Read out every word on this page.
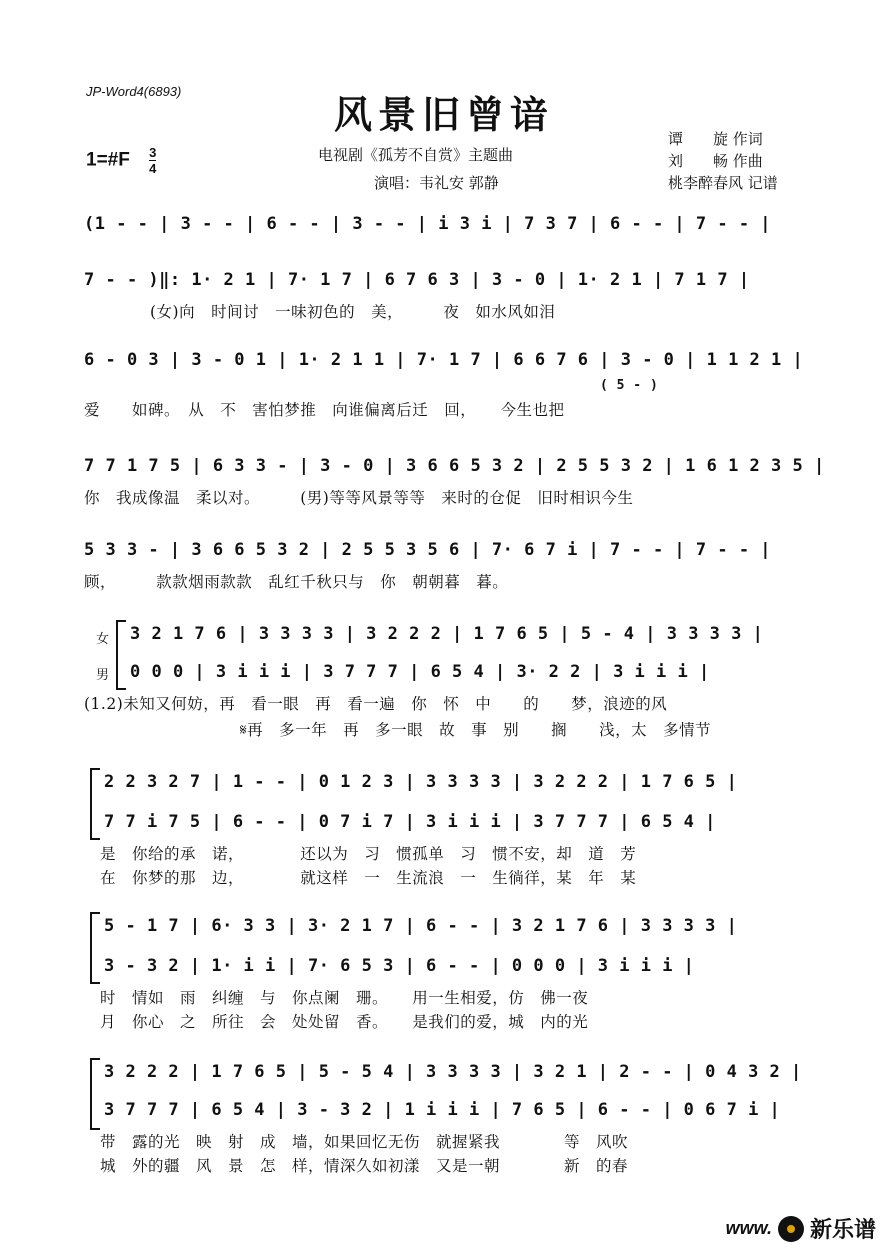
JP-Word4(6893)
风景旧曾谙
电视剧《孤芳不自赏》主题曲
演唱：韦礼安 郭静
谭　　旋 作词
刘　　畅 作曲
桃李醉春风 记谱
1=#F $\frac{3}{4}$
(1 - - | 3 - - | 6 - - | 3 - - | i 3 i | 7 3 7 | 6 - - | 7 - - |
7 - - )‖: 1· 2 1 | 7· 1 7 | 6 7 6 3 | 3 - 0 | 1· 2 1 | 7 1 7 |
(女)向　时间讨　一味初色的　美，　　　夜　如水风如泪
6 - 0 3 | 3 - 0 1 | 1· 2 1 1 | 7· 1 7 | 6 6 7 6 | 3 - 0 | 1 1 2 1 |
( 5 - )
爱　　如碑。　从　不　害怕梦推　向谁偏离后迁　回，　　今生也把
7 7 1 7 5 | 6 3 3 - | 3 - 0 | 3 6 6 5 3 2 | 2 5 5 3 2 | 1 6 1 2 3 5 |
你　我成像温　柔以对。　　　(男)等等风景等等　来时的仓促　旧时相识今生
5 3 3 - | 3 6 6 5 3 2 | 2 5 5 3 5 6 | 7· 6 7 i | 7 - - | 7 - - |
顾，　　　款款烟雨款款　乱红千秋只与　你　朝朝暮　暮。
女
男
3 2 1 7 6 | 3 3 3 3 | 3 2 2 2 | 1 7 6 5 | 5 - 4 | 3 3 3 3 |
0 0 0 | 3 i i i | 3 7 7 7 | 6 5 4 | 3· 2 2 | 3 i i i |
(1.2)未知又何妨，再　看一眼　再　看一遍　你　怀　中　　的　　梦，浪迹的风
𝄋再　多一年　再　多一眼　故　事　别　　搁　　浅，太　多情节
2 2 3 2 7 | 1 - - | 0 1 2 3 | 3 3 3 3 | 3 2 2 2 | 1 7 6 5 |
7 7 i 7 5 | 6 - - | 0 7 i 7 | 3 i i i | 3 7 7 7 | 6 5 4 |
是　你给的承　诺，　　　　还以为　习　惯孤单　习　惯不安，却　道　芳
在　你梦的那　边，　　　　就这样　一　生流浪　一　生徜徉，某　年　某
5 - 1 7 | 6· 3 3 | 3· 2 1 7 | 6 - - | 3 2 1 7 6 | 3 3 3 3 |
3 - 3 2 | 1· i i | 7· 6 5 3 | 6 - - | 0 0 0 | 3 i i i |
时　情如　雨　纠缠　与　你点阑　珊。　　用一生相爱，仿　佛一夜
月　你心　之　所往　会　处处留　香。　　是我们的爱，城　内的光
3 2 2 2 | 1 7 6 5 | 5 - 5 4 | 3 3 3 3 | 3 2 1 | 2 - - | 0 4 3 2 |
3 7 7 7 | 6 5 4 | 3 - 3 2 | 1 i i i | 7 6 5 | 6 - - | 0 6 7 i |
带　露的光　映　射　成　墙，如果回忆无伤　就握紧我　　　　等　风吹
城　外的疆　风　景　怎　样，情深久如初漾　又是一朝　　　　新　的春
www. 新乐谱
